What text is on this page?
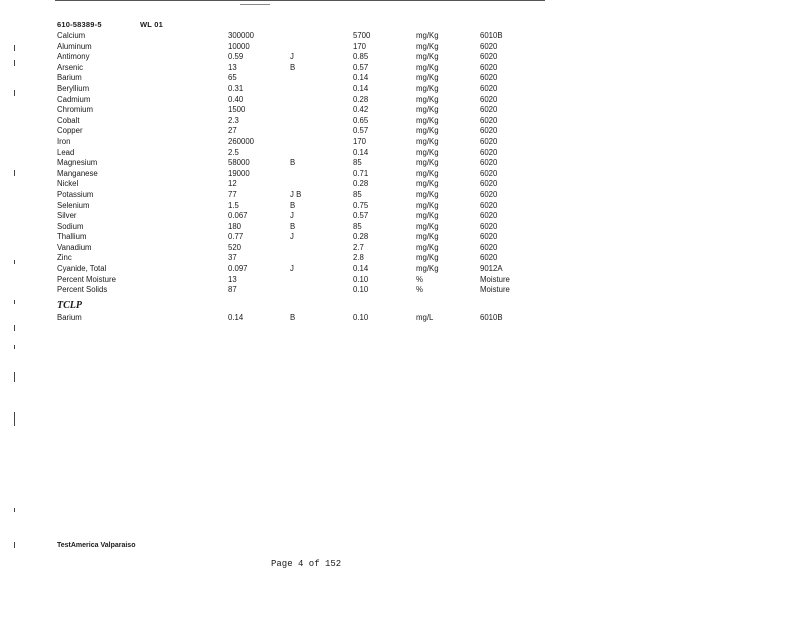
610-58389-5	WL 01
Calcium	300000	5700	mg/Kg	6010B
Aluminum	10000	170	mg/Kg	6020
Antimony	0.59	J	0.85	mg/Kg	6020
Arsenic	13	B	0.57	mg/Kg	6020
Barium	65	0.14	mg/Kg	6020
Beryllium	0.31	0.14	mg/Kg	6020
Cadmium	0.40	0.28	mg/Kg	6020
Chromium	1500	0.42	mg/Kg	6020
Cobalt	2.3	0.65	mg/Kg	6020
Copper	27	0.57	mg/Kg	6020
Iron	260000	170	mg/Kg	6020
Lead	2.5	0.14	mg/Kg	6020
Magnesium	58000	B	85	mg/Kg	6020
Manganese	19000	0.71	mg/Kg	6020
Nickel	12	0.28	mg/Kg	6020
Potassium	77	J B	85	mg/Kg	6020
Selenium	1.5	B	0.75	mg/Kg	6020
Silver	0.067	J	0.57	mg/Kg	6020
Sodium	180	B	85	mg/Kg	6020
Thallium	0.77	J	0.28	mg/Kg	6020
Vanadium	520	2.7	mg/Kg	6020
Zinc	37	2.8	mg/Kg	6020
Cyanide, Total	0.097	J	0.14	mg/Kg	9012A
Percent Moisture	13	0.10	%	Moisture
Percent Solids	87	0.10	%	Moisture
TCLP
Barium	0.14	B	0.10	mg/L	6010B
TestAmerica Valparaiso
Page 4 of 152
